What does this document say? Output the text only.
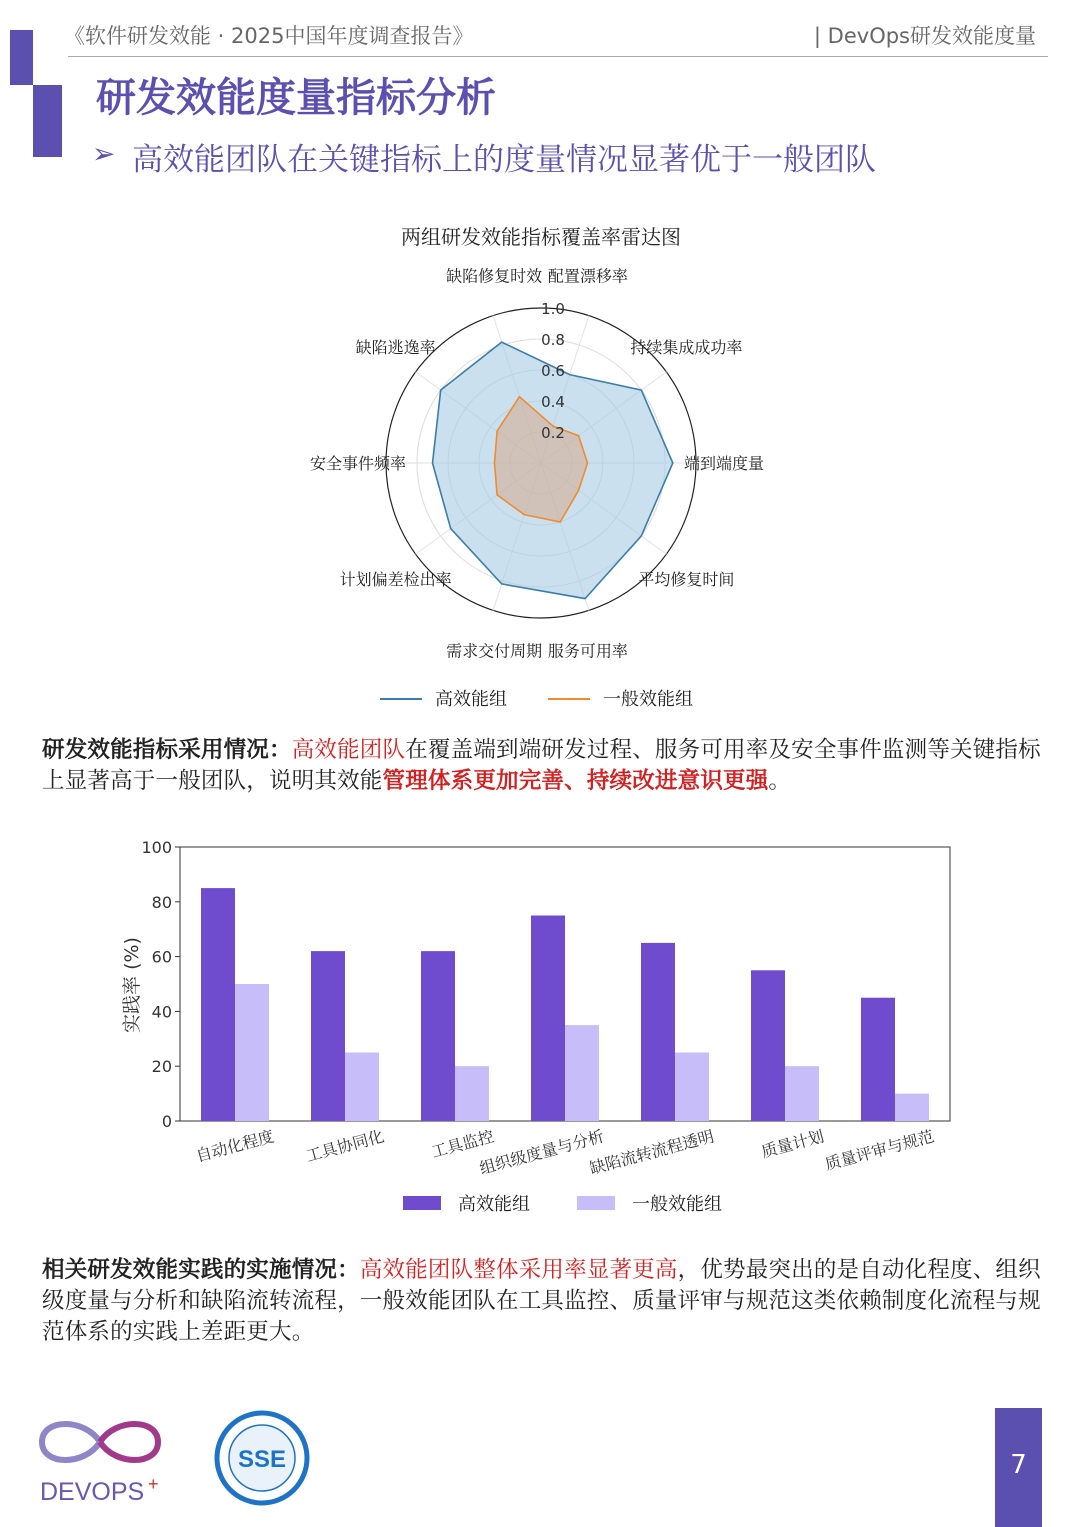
《软件研发效能 · 2025中国年度调查报告》	| DevOps研发效能度量
研发效能度量指标分析
➢ 高效能团队在关键指标上的度量情况显著优于一般团队
两组研发效能指标覆盖率雷达图
0.2
0.4
0.6
0.8
1.0
配置漂移率
持续集成成功率
端到端度量
平均修复时间
服务可用率
需求交付周期
计划偏差检出率
安全事件频率
缺陷逃逸率
缺陷修复时效
高效能组	一般效能组
研发效能指标采用情况：高效能团队在覆盖端到端研发过程、服务可用率及安全事件监测等关键指标上显著高于一般团队，说明其效能管理体系更加完善、持续改进意识更强。
实践率 (%)
0
20
40
60
80
100
自动化程度 工具协同化	工具监控
组织级度量与分析
缺陷流转流程透明	质量计划
质量评审与规范
高效能组	一般效能组
相关研发效能实践的实施情况：高效能团队整体采用率显著更高，优势最突出的是自动化程度、组织级度量与分析和缺陷流转流程，一般效能团队在工具监控、质量评审与规范这类依赖制度化流程与规范体系的实践上差距更大。
DEVOPS +
SSE	7
